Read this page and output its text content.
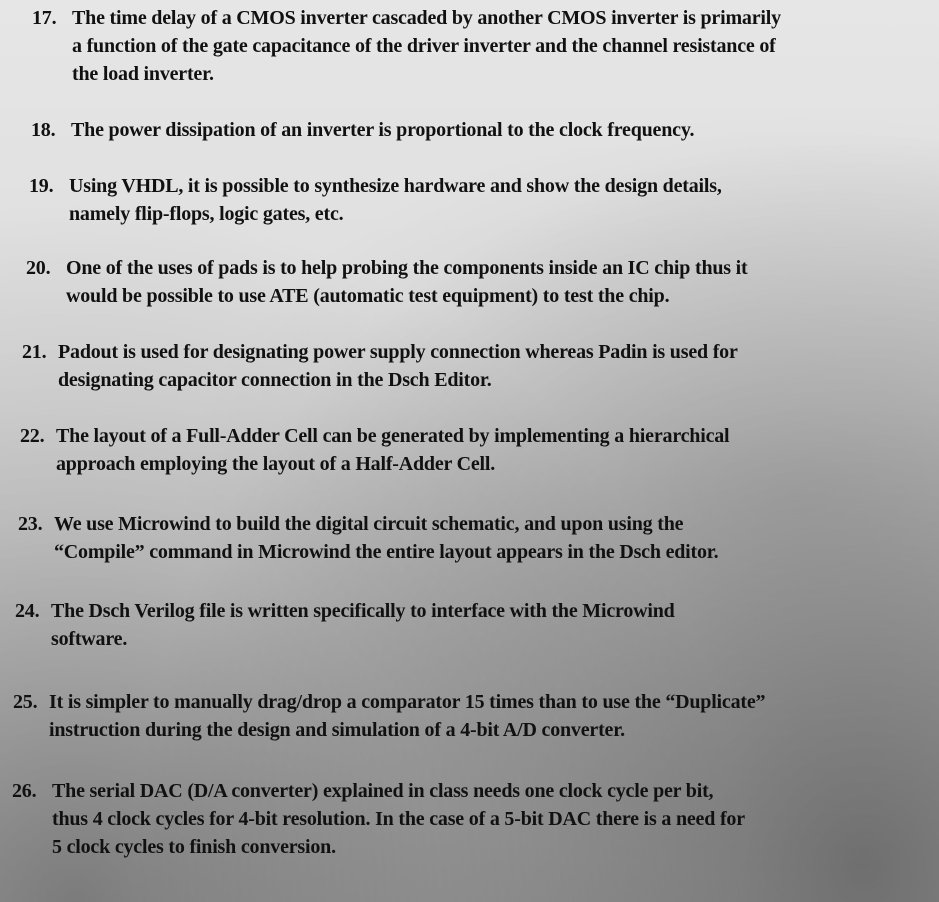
17. The time delay of a CMOS inverter cascaded by another CMOS inverter is primarily
a function of the gate capacitance of the driver inverter and the channel resistance of
the load inverter.
18. The power dissipation of an inverter is proportional to the clock frequency.
19. Using VHDL, it is possible to synthesize hardware and show the design details,
namely flip-flops, logic gates, etc.
20. One of the uses of pads is to help probing the components inside an IC chip thus it
would be possible to use ATE (automatic test equipment) to test the chip.
21. Padout is used for designating power supply connection whereas Padin is used for
designating capacitor connection in the Dsch Editor.
22. The layout of a Full-Adder Cell can be generated by implementing a hierarchical
approach employing the layout of a Half-Adder Cell.
23. We use Microwind to build the digital circuit schematic, and upon using the
“Compile” command in Microwind the entire layout appears in the Dsch editor.
24. The Dsch Verilog file is written specifically to interface with the Microwind
software.
25. It is simpler to manually drag/drop a comparator 15 times than to use the “Duplicate”
instruction during the design and simulation of a 4-bit A/D converter.
26. The serial DAC (D/A converter) explained in class needs one clock cycle per bit,
thus 4 clock cycles for 4-bit resolution. In the case of a 5-bit DAC there is a need for
5 clock cycles to finish conversion.
